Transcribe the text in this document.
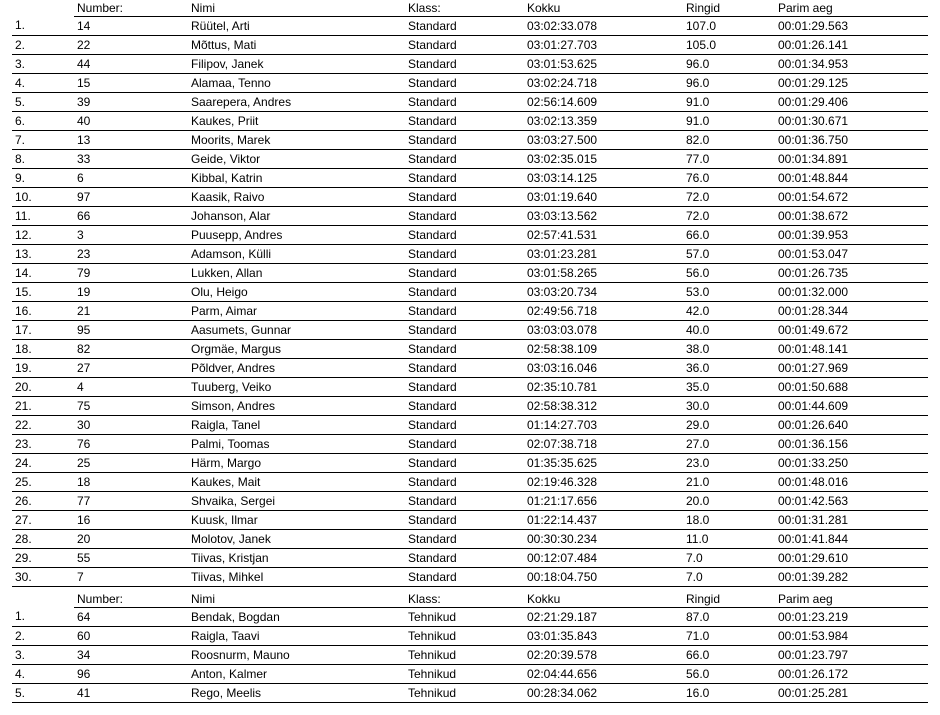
	Number:	Nimi	Klass:	Kokku	Ringid	Parim aeg
1.	14	Rüütel, Arti	Standard	03:02:33.078	107.0	00:01:29.563
2.	22	Mõttus, Mati	Standard	03:01:27.703	105.0	00:01:26.141
3.	44	Filipov, Janek	Standard	03:01:53.625	96.0	00:01:34.953
4.	15	Alamaa, Tenno	Standard	03:02:24.718	96.0	00:01:29.125
5.	39	Saarepera, Andres	Standard	02:56:14.609	91.0	00:01:29.406
6.	40	Kaukes, Priit	Standard	03:02:13.359	91.0	00:01:30.671
7.	13	Moorits, Marek	Standard	03:03:27.500	82.0	00:01:36.750
8.	33	Geide, Viktor	Standard	03:02:35.015	77.0	00:01:34.891
9.	6	Kibbal, Katrin	Standard	03:03:14.125	76.0	00:01:48.844
10.	97	Kaasik, Raivo	Standard	03:01:19.640	72.0	00:01:54.672
11.	66	Johanson, Alar	Standard	03:03:13.562	72.0	00:01:38.672
12.	3	Puusepp, Andres	Standard	02:57:41.531	66.0	00:01:39.953
13.	23	Adamson, Külli	Standard	03:01:23.281	57.0	00:01:53.047
14.	79	Lukken, Allan	Standard	03:01:58.265	56.0	00:01:26.735
15.	19	Olu, Heigo	Standard	03:03:20.734	53.0	00:01:32.000
16.	21	Parm, Aimar	Standard	02:49:56.718	42.0	00:01:28.344
17.	95	Aasumets, Gunnar	Standard	03:03:03.078	40.0	00:01:49.672
18.	82	Orgmäe, Margus	Standard	02:58:38.109	38.0	00:01:48.141
19.	27	Põldver, Andres	Standard	03:03:16.046	36.0	00:01:27.969
20.	4	Tuuberg, Veiko	Standard	02:35:10.781	35.0	00:01:50.688
21.	75	Simson, Andres	Standard	02:58:38.312	30.0	00:01:44.609
22.	30	Raigla, Tanel	Standard	01:14:27.703	29.0	00:01:26.640
23.	76	Palmi, Toomas	Standard	02:07:38.718	27.0	00:01:36.156
24.	25	Härm, Margo	Standard	01:35:35.625	23.0	00:01:33.250
25.	18	Kaukes, Mait	Standard	02:19:46.328	21.0	00:01:48.016
26.	77	Shvaika, Sergei	Standard	01:21:17.656	20.0	00:01:42.563
27.	16	Kuusk, Ilmar	Standard	01:22:14.437	18.0	00:01:31.281
28.	20	Molotov, Janek	Standard	00:30:30.234	11.0	00:01:41.844
29.	55	Tiivas, Kristjan	Standard	00:12:07.484	7.0	00:01:29.610
30.	7	Tiivas, Mihkel	Standard	00:18:04.750	7.0	00:01:39.282
	Number:	Nimi	Klass:	Kokku	Ringid	Parim aeg
1.	64	Bendak, Bogdan	Tehnikud	02:21:29.187	87.0	00:01:23.219
2.	60	Raigla, Taavi	Tehnikud	03:01:35.843	71.0	00:01:53.984
3.	34	Roosnurm, Mauno	Tehnikud	02:20:39.578	66.0	00:01:23.797
4.	96	Anton, Kalmer	Tehnikud	02:04:44.656	56.0	00:01:26.172
5.	41	Rego, Meelis	Tehnikud	00:28:34.062	16.0	00:01:25.281
